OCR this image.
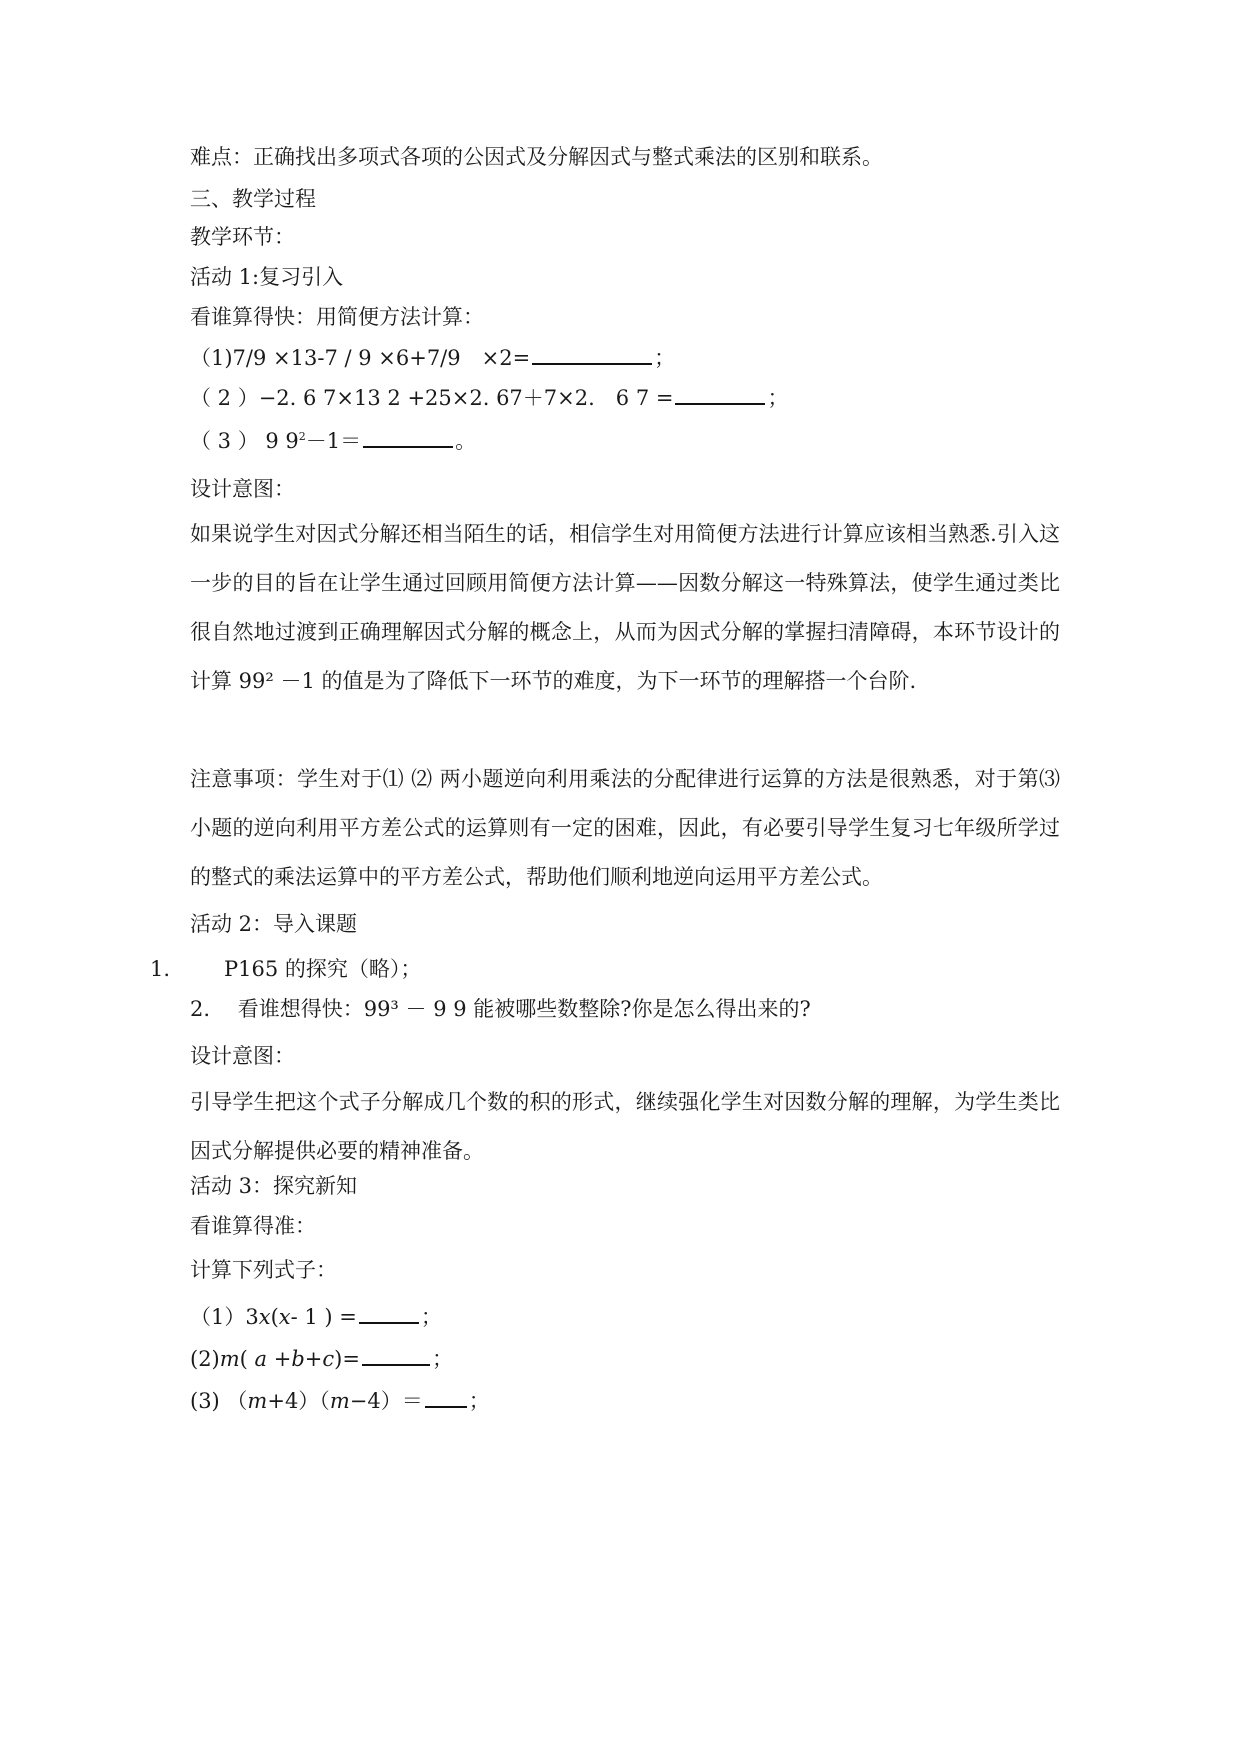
难点：正确找出多项式各项的公因式及分解因式与整式乘法的区别和联系。
三、教学过程
教学环节：
活动 1:复习引入
看谁算得快：用简便方法计算：
（1)7/9 ×13-7 / 9 ×6+7/9　×2=	；
（ 2 ）−2. 6 7×13 2 +25×2. 67＋7×2.　6 7 =	；
（ 3 ） 9 $9^2-1=$	。
设计意图：
如果说学生对因式分解还相当陌生的话，相信学生对用简便方法进行计算应该相当熟悉.引入这一步的目的旨在让学生通过回顾用简便方法计算——因数分解这一特殊算法，使学生通过类比很自然地过渡到正确理解因式分解的概念上，从而为因式分解的掌握扫清障碍，本环节设计的计算 99² －1 的值是为了降低下一环节的难度，为下一环节的理解搭一个台阶.
注意事项：学生对于⑴ ⑵ 两小题逆向利用乘法的分配律进行运算的方法是很熟悉，对于第⑶ 小题的逆向利用平方差公式的运算则有一定的困难，因此，有必要引导学生复习七年级所学过的整式的乘法运算中的平方差公式，帮助他们顺利地逆向运用平方差公式。
活动 2：导入课题
1.	P165 的探究（略）；
2.　 看谁想得快：99³ － 9 9 能被哪些数整除?你是怎么得出来的?
设计意图：
引导学生把这个式子分解成几个数的积的形式，继续强化学生对因数分解的理解，为学生类比因式分解提供必要的精神准备。
活动 3：探究新知
看谁算得准：
计算下列式子：
（1）3x(x- 1 ) =	；
(2)m( a +b+c)=	；
(3) （m+4）（m−4）＝ ；
